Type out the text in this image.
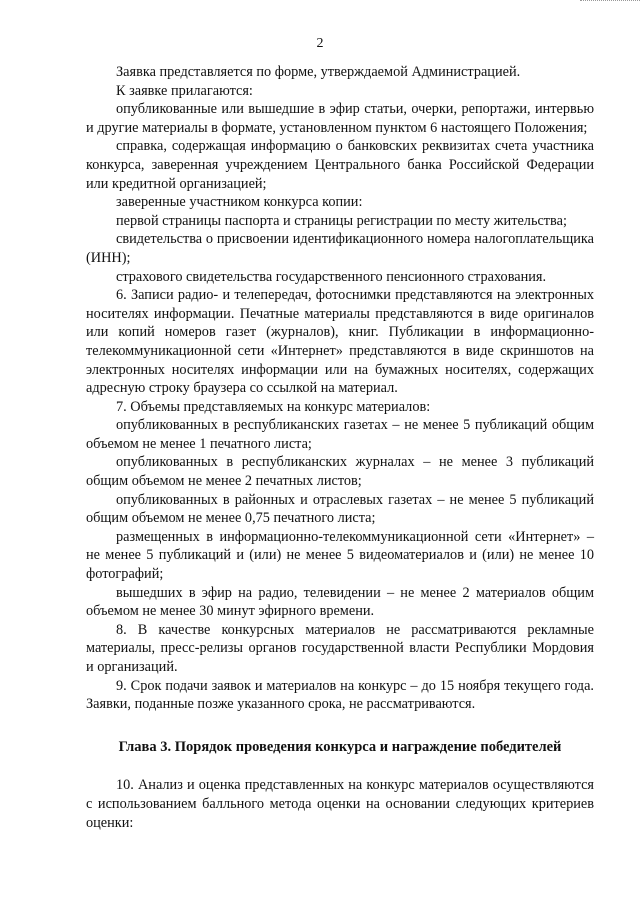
2

Заявка представляется по форме, утверждаемой Администрацией.

К заявке прилагаются:

опубликованные или вышедшие в эфир статьи, очерки, репортажи, интервью и другие материалы в формате, установленном пунктом 6 настоящего Положения;

справка, содержащая информацию о банковских реквизитах счета участника конкурса, заверенная учреждением Центрального банка Российской Федерации или кредитной организацией;

заверенные участником конкурса копии:

первой страницы паспорта и страницы регистрации по месту жительства;

свидетельства о присвоении идентификационного номера налогоплательщика (ИНН);

страхового свидетельства государственного пенсионного страхования.

6. Записи радио- и телепередач, фотоснимки представляются на электронных носителях информации. Печатные материалы представляются в виде оригиналов или копий номеров газет (журналов), книг. Публикации в информационно-телекоммуникационной сети «Интернет» представляются в виде скриншотов на электронных носителях информации или на бумажных носителях, содержащих адресную строку браузера со ссылкой на материал.

7. Объемы представляемых на конкурс материалов:

опубликованных в республиканских газетах – не менее 5 публикаций общим объемом не менее 1 печатного листа;

опубликованных в республиканских журналах – не менее 3 публикаций общим объемом не менее 2 печатных листов;

опубликованных в районных и отраслевых газетах – не менее 5 публикаций общим объемом не менее 0,75 печатного листа;

размещенных в информационно-телекоммуникационной сети «Интернет» – не менее 5 публикаций и (или) не менее 5 видеоматериалов и (или) не менее 10 фотографий;

вышедших в эфир на радио, телевидении – не менее 2 материалов общим объемом не менее 30 минут эфирного времени.

8. В качестве конкурсных материалов не рассматриваются рекламные материалы, пресс-релизы органов государственной власти Республики Мордовия и организаций.

9. Срок подачи заявок и материалов на конкурс – до 15 ноября текущего года. Заявки, поданные позже указанного срока, не рассматриваются.

Глава 3. Порядок проведения конкурса и награждение победителей

10. Анализ и оценка представленных на конкурс материалов осуществляются с использованием балльного метода оценки на основании следующих критериев оценки:
